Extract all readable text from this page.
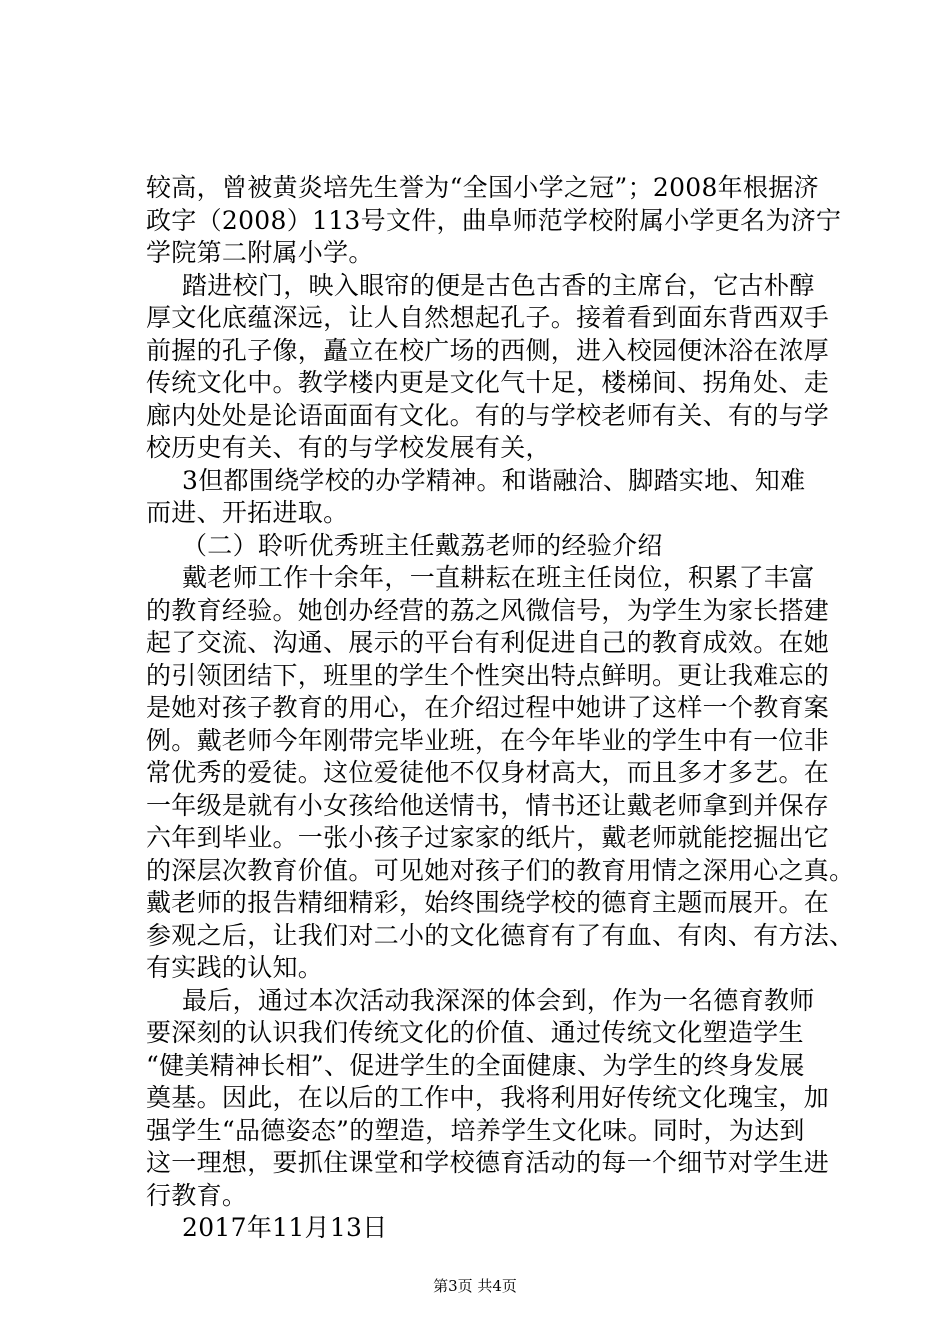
较高，曾被黄炎培先生誉为“全国小学之冠”；2008年根据济
政字（2008）113号文件，曲阜师范学校附属小学更名为济宁
学院第二附属小学。
踏进校门，映入眼帘的便是古色古香的主席台，它古朴醇
厚文化底蕴深远，让人自然想起孔子。接着看到面东背西双手
前握的孔子像，矗立在校广场的西侧，进入校园便沐浴在浓厚
传统文化中。教学楼内更是文化气十足，楼梯间、拐角处、走
廊内处处是论语面面有文化。有的与学校老师有关、有的与学
校历史有关、有的与学校发展有关，
3但都围绕学校的办学精神。和谐融洽、脚踏实地、知难
而进、开拓进取。
（二）聆听优秀班主任戴荔老师的经验介绍
戴老师工作十余年，一直耕耘在班主任岗位，积累了丰富
的教育经验。她创办经营的荔之风微信号，为学生为家长搭建
起了交流、沟通、展示的平台有利促进自己的教育成效。在她
的引领团结下，班里的学生个性突出特点鲜明。更让我难忘的
是她对孩子教育的用心，在介绍过程中她讲了这样一个教育案
例。戴老师今年刚带完毕业班，在今年毕业的学生中有一位非
常优秀的爱徒。这位爱徒他不仅身材高大，而且多才多艺。在
一年级是就有小女孩给他送情书，情书还让戴老师拿到并保存
六年到毕业。一张小孩子过家家的纸片，戴老师就能挖掘出它
的深层次教育价值。可见她对孩子们的教育用情之深用心之真。
戴老师的报告精细精彩，始终围绕学校的德育主题而展开。在
参观之后，让我们对二小的文化德育有了有血、有肉、有方法、
有实践的认知。
最后，通过本次活动我深深的体会到，作为一名德育教师
要深刻的认识我们传统文化的价值、通过传统文化塑造学生
“健美精神长相”、促进学生的全面健康、为学生的终身发展
奠基。因此，在以后的工作中，我将利用好传统文化瑰宝，加
强学生“品德姿态”的塑造，培养学生文化味。同时，为达到
这一理想，要抓住课堂和学校德育活动的每一个细节对学生进
行教育。
2017年11月13日
第3页 共4页
